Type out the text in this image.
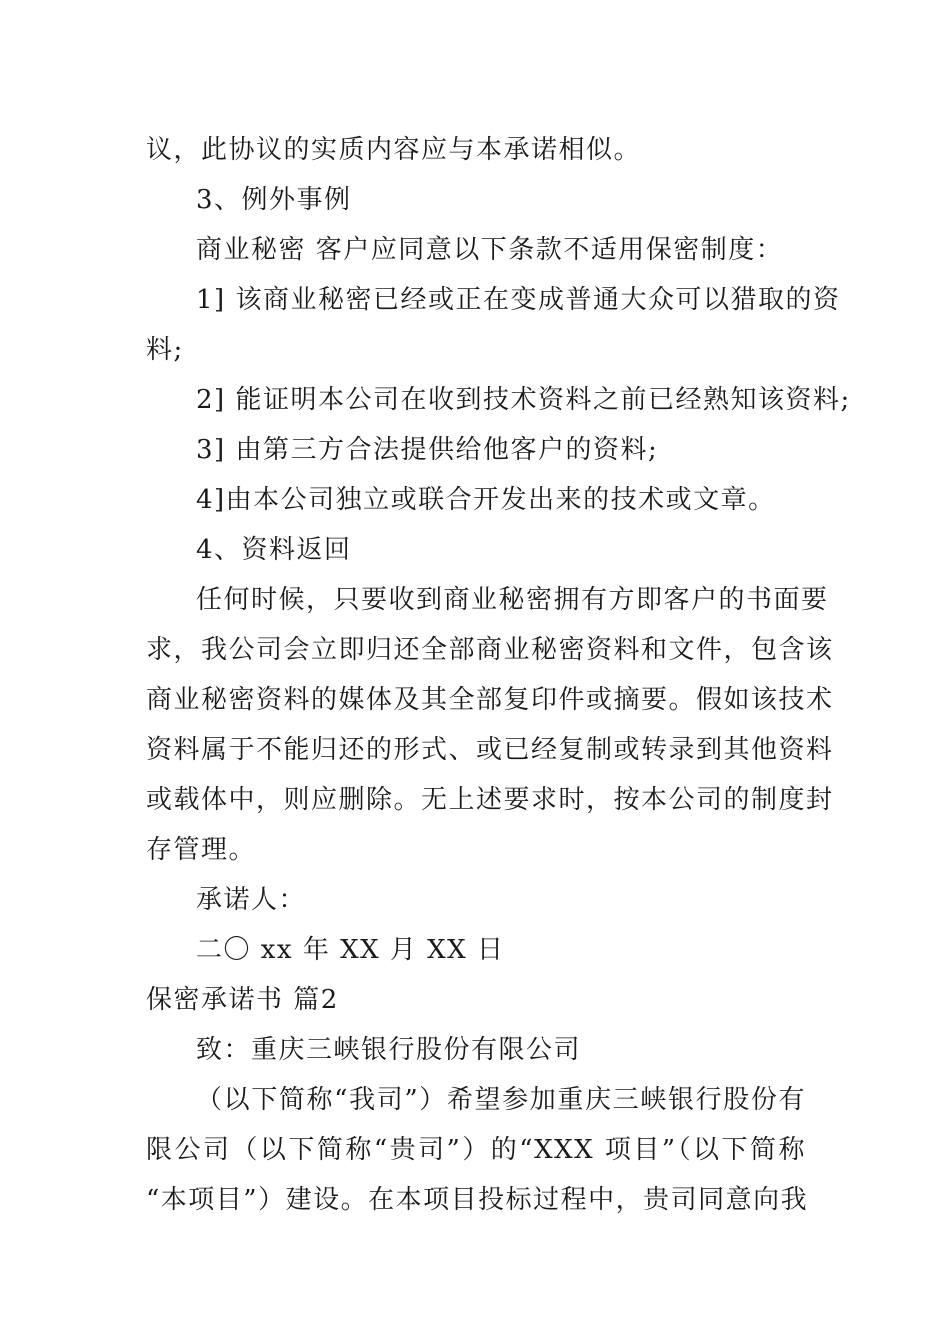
议，此协议的实质内容应与本承诺相似。
3、例外事例
商业秘密 客户应同意以下条款不适用保密制度：
1] 该商业秘密已经或正在变成普通大众可以猎取的资
料;
2] 能证明本公司在收到技术资料之前已经熟知该资料;
3] 由第三方合法提供给他客户的资料;
4]由本公司独立或联合开发出来的技术或文章。
4、资料返回
任何时候，只要收到商业秘密拥有方即客户的书面要
求，我公司会立即归还全部商业秘密资料和文件，包含该
商业秘密资料的媒体及其全部复印件或摘要。假如该技术
资料属于不能归还的形式、或已经复制或转录到其他资料
或载体中，则应删除。无上述要求时，按本公司的制度封
存管理。
承诺人：
二〇 xx 年 XX 月 XX 日
保密承诺书 篇2
致：重庆三峡银行股份有限公司
（以下简称“我司”）希望参加重庆三峡银行股份有
限公司（以下简称“贵司”）的“XXX 项目”（以下简称
“本项目”）建设。在本项目投标过程中，贵司同意向我
